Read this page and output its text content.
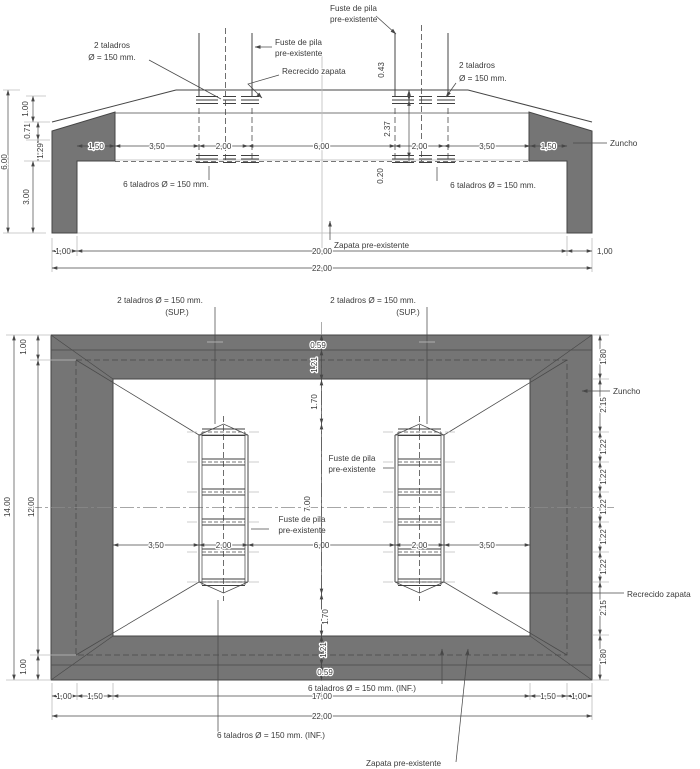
2 taladros
Ø = 150 mm.
Fuste de pila
pre-existente
Fuste de pila
pre-existente
Recrecido zapata
2 taladros
Ø = 150 mm.
Zuncho
6 taladros Ø = 150 mm.	6 taladros Ø = 150 mm.
Zapata pre-existente
1,50	3,50	2,00	6,00	2,00	3,50	1,50
1.00
0.71
1.29
6.00
3.00
0.43
2.37
0.20
1,00	20,00	1,00
22,00
2 taladros Ø = 150 mm.
(SUP.)
2 taladros Ø = 150 mm.
(SUP.)
Fuste de pila
pre-existente
Fuste de pila
pre-existente
Zuncho
Recrecido zapata
6 taladros Ø = 150 mm. (INF.)
6 taladros Ø = 150 mm. (INF.)
Zapata pre-existente
3,50	2,00	6,00	2,00	3,50
0.59
1.21
1.70
7.00
1.70
1.21
0.59
1.80
2.15
1.22
1.22
1.22
1.22
1.22
2.15
1.80
14.00 12.00
1.00
1.00
1,00 1,50	17,00	1,50 1,00
22,00
